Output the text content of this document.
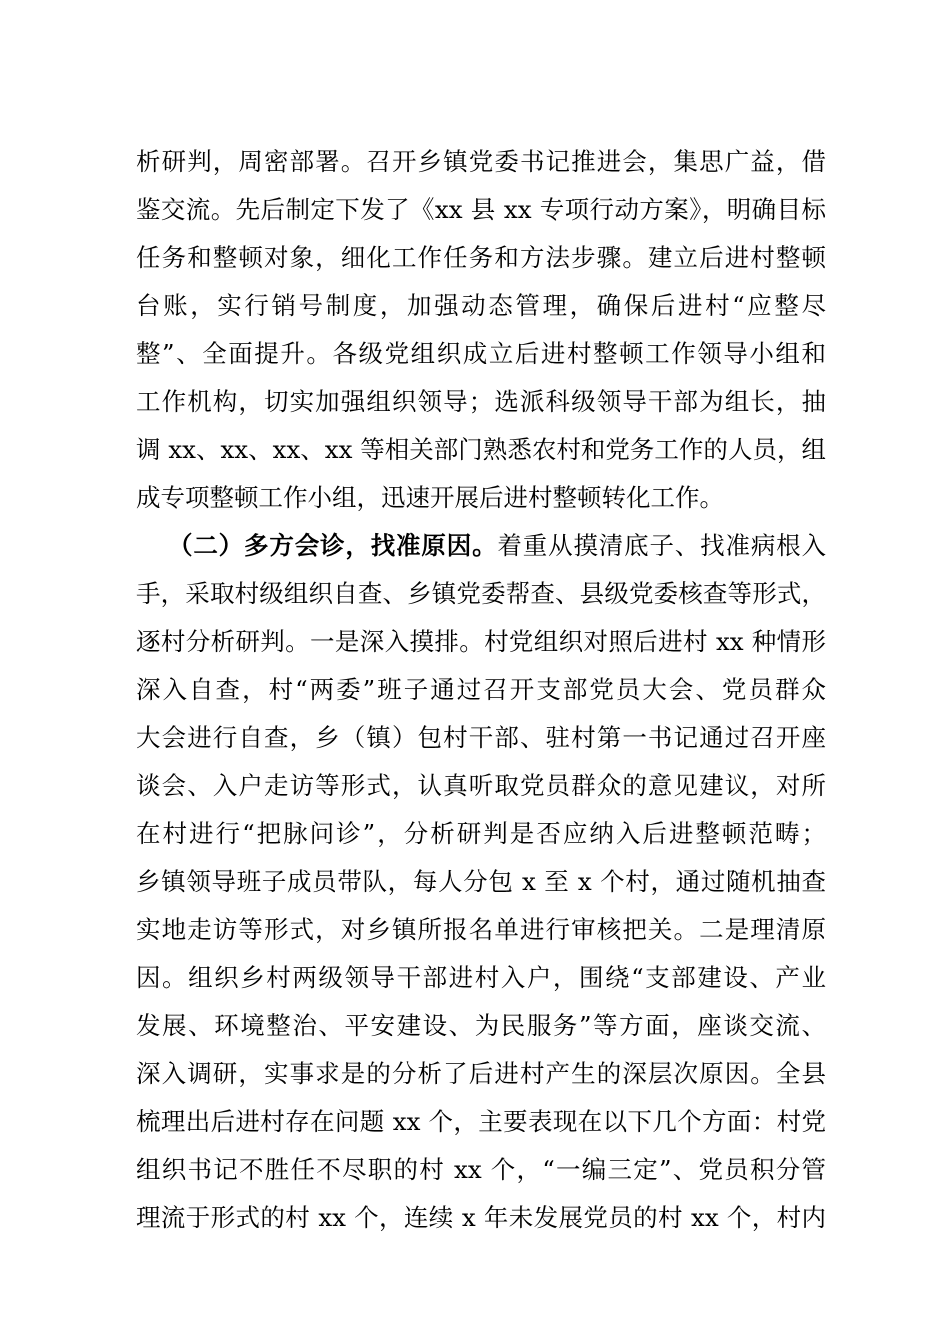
析研判，周密部署。召开乡镇党委书记推进会，集思广益，借
鉴交流。先后制定下发了《xx 县 xx 专项行动方案》，明确目标
任务和整顿对象，细化工作任务和方法步骤。建立后进村整顿
台账，实行销号制度，加强动态管理，确保后进村“应整尽
整”、全面提升。各级党组织成立后进村整顿工作领导小组和
工作机构，切实加强组织领导；选派科级领导干部为组长，抽
调 xx、xx、xx、xx 等相关部门熟悉农村和党务工作的人员，组
成专项整顿工作小组，迅速开展后进村整顿转化工作。
（二）多方会诊，找准原因。着重从摸清底子、找准病根入
手，采取村级组织自查、乡镇党委帮查、县级党委核查等形式，
逐村分析研判。一是深入摸排。村党组织对照后进村 xx 种情形
深入自查，村“两委”班子通过召开支部党员大会、党员群众
大会进行自查，乡（镇）包村干部、驻村第一书记通过召开座
谈会、入户走访等形式，认真听取党员群众的意见建议，对所
在村进行“把脉问诊”，分析研判是否应纳入后进整顿范畴；
乡镇领导班子成员带队，每人分包 x 至 x 个村，通过随机抽查
实地走访等形式，对乡镇所报名单进行审核把关。二是理清原
因。组织乡村两级领导干部进村入户，围绕“支部建设、产业
发展、环境整治、平安建设、为民服务”等方面，座谈交流、
深入调研，实事求是的分析了后进村产生的深层次原因。全县
梳理出后进村存在问题 xx 个，主要表现在以下几个方面：村党
组织书记不胜任不尽职的村 xx 个，“一编三定”、党员积分管
理流于形式的村 xx 个，连续 x 年未发展党员的村 xx 个，村内
